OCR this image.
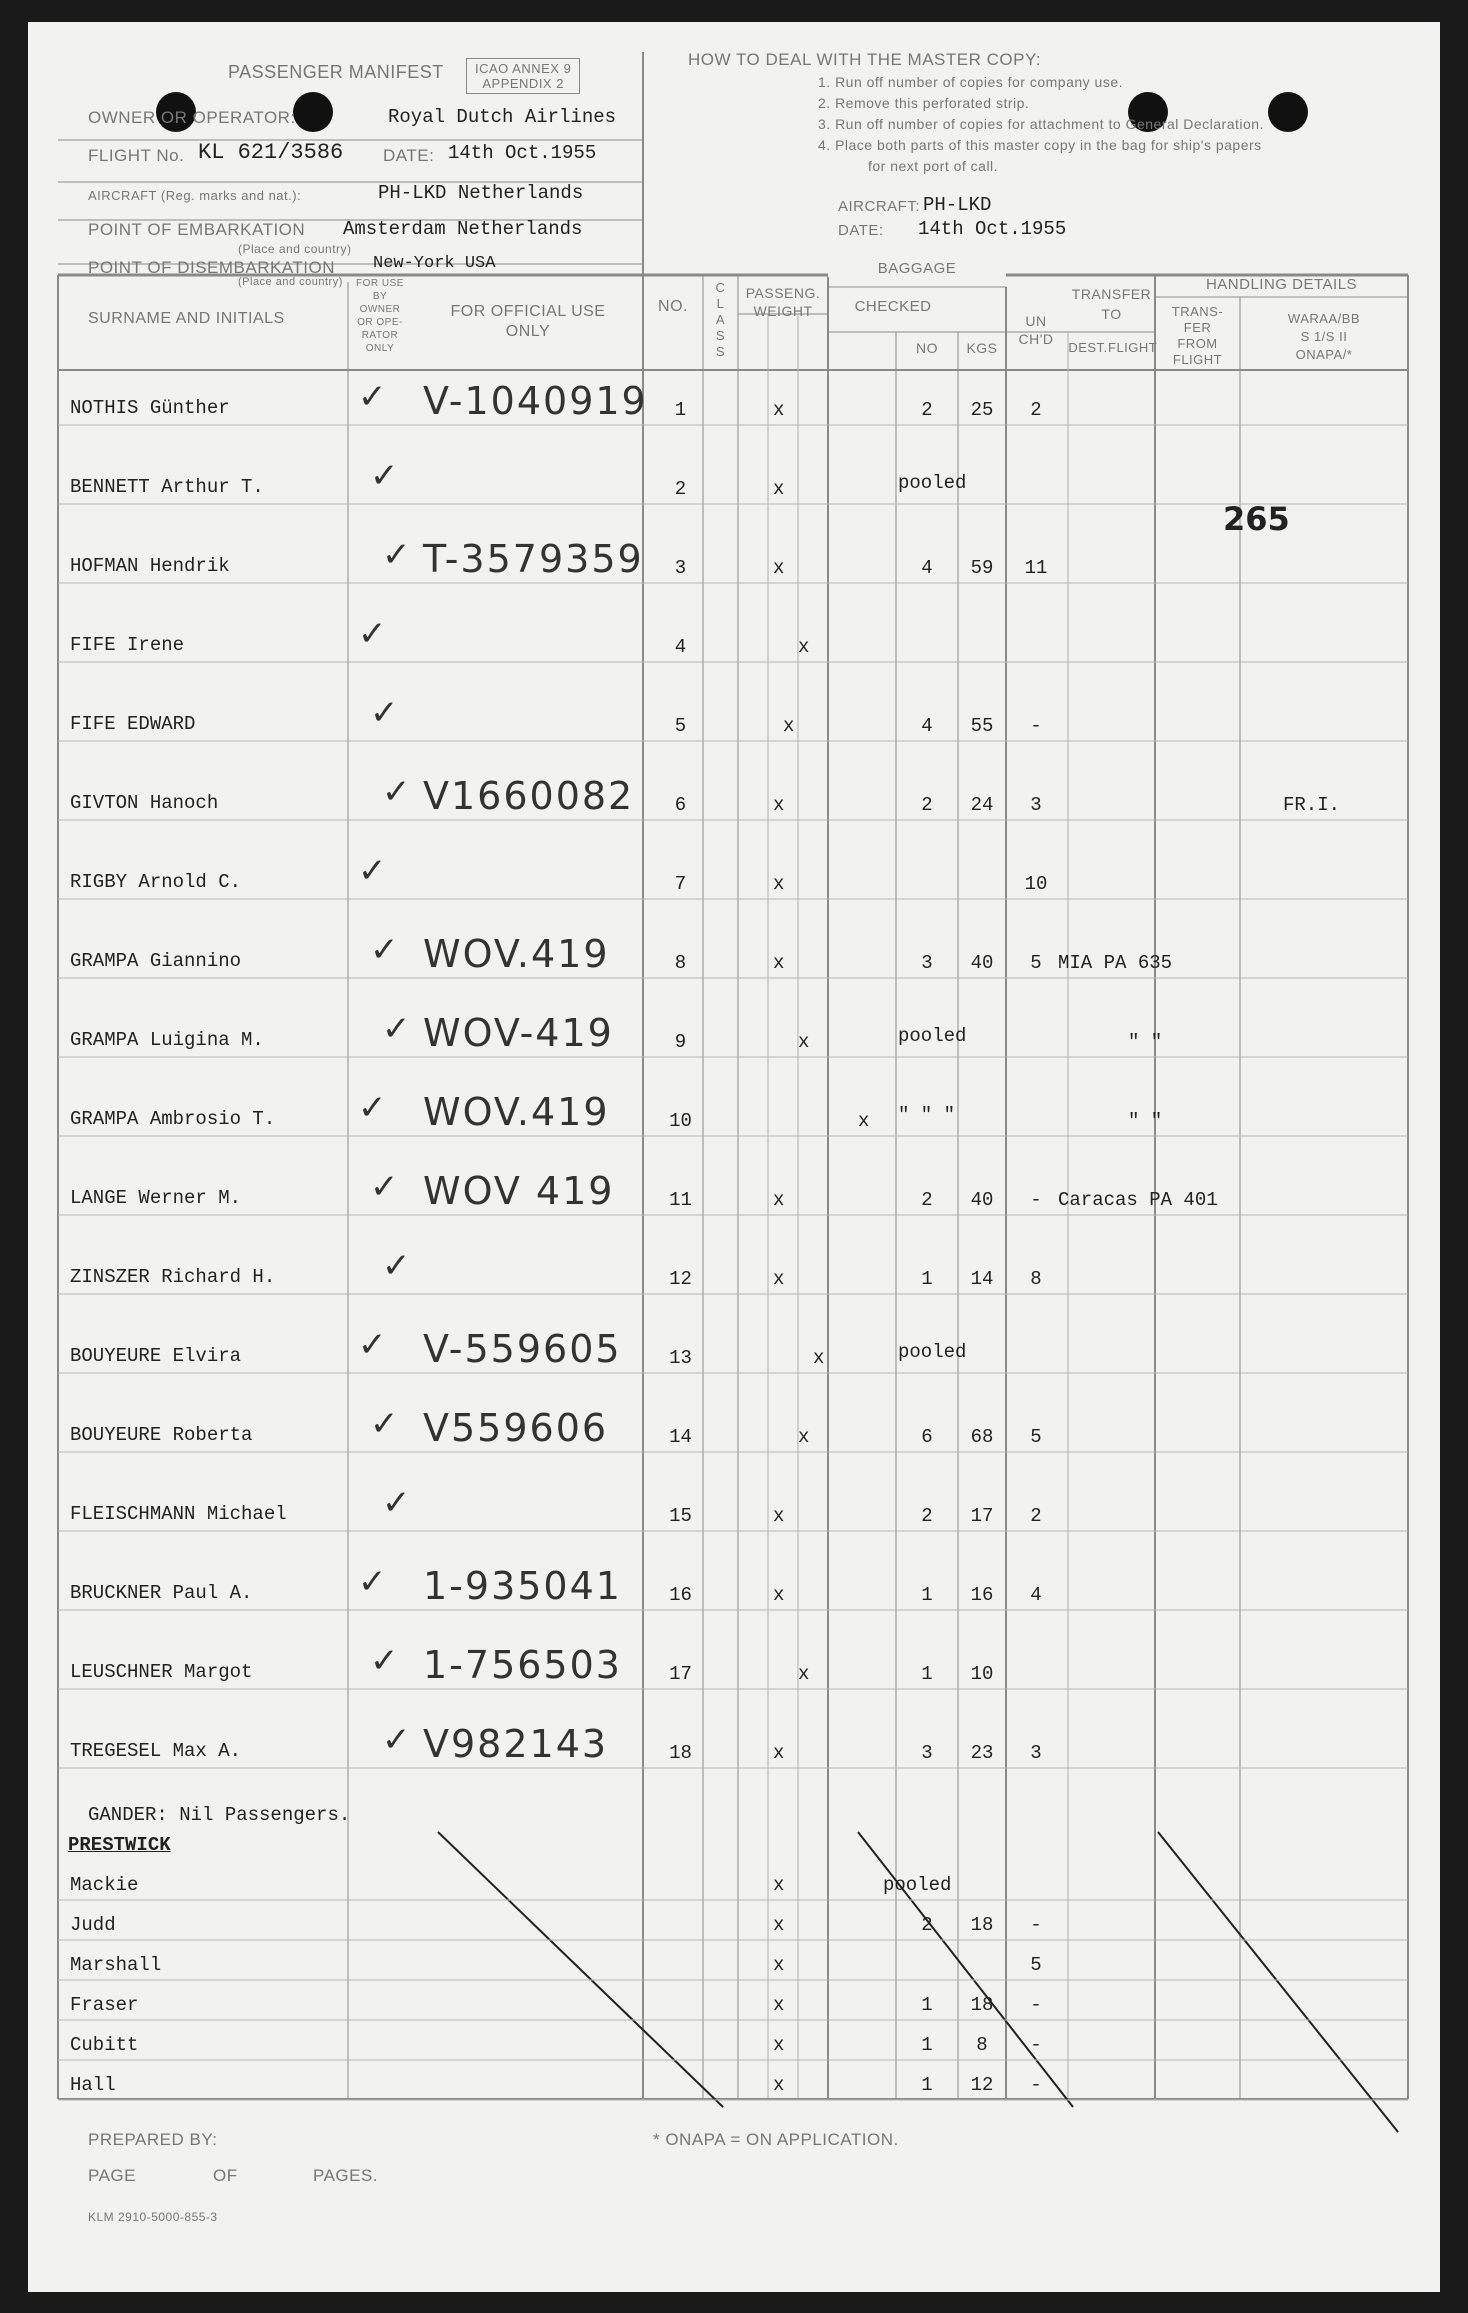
PASSENGER MANIFEST ICAO ANNEX 9
APPENDIX 2
OWNER OR OPERATOR:	Royal Dutch Airlines
FLIGHT No. KL 621/3586 DATE: 14th Oct.1955
AIRCRAFT (Reg. marks and nat.):	PH-LKD Netherlands
POINT OF EMBARKATION Amsterdam Netherlands
(Place and country)
POINT OF DISEMBARKATION New-York USA
(Place and country)
HOW TO DEAL WITH THE MASTER COPY:
1. Run off number of copies for company use.
2. Remove this perforated strip.
3. Run off number of copies for attachment to General Declaration.
4. Place both parts of this master copy in the bag for ship's papers
for next port of call.
AIRCRAFT: PH-LKD
DATE: 14th Oct.1955
SURNAME AND INITIALS
FOR USE
BY
OWNER
OR OPE-
RATOR
ONLY
FOR OFFICIAL USE
ONLY
NO.
C
L
A
S
S
PASSENG.
WEIGHT
BAGGAGE
CHECKED
NO	KGS
UN
CH'D
TRANSFER
TO
DEST. FLIGHT
HANDLING DETAILS
TRANS-
FER
FROM
FLIGHT
WARAA/BB
S 1/S II
ONAPA/*
265
NOTHIS Günther	✓ V-1040919	1	x	2	25	2
BENNETT Arthur T.	✓	2	x	pooled
HOFMAN Hendrik	✓ T-3579359	3	x	4	59	11
FIFE Irene	✓	4	x
FIFE EDWARD	✓	5	x	4	55	-
GIVTON Hanoch	✓ V1660082	6	x	2	24	3	FR.I.
RIGBY Arnold C.	✓	7	x	10
GRAMPA Giannino	✓ WOV.419	8	x	3	40	5 MIA PA 635
GRAMPA Luigina M.	✓ WOV-419	9	x	pooled	" "
GRAMPA Ambrosio T. ✓ WOV.419	10	x " " "	" "
LANGE Werner M.	✓ WOV 419	11	x	2	40	- Caracas PA 401
ZINSZER Richard H.	✓	12	x	1	14	8
BOUYEURE Elvira	✓ V-559605	13	x	pooled
BOUYEURE Roberta	✓ V559606	14	x	6	68	5
FLEISCHMANN Michael	✓	15	x	2	17	2
BRUCKNER Paul A.	✓ 1-935041	16	x	1	16	4
LEUSCHNER Margot	✓ 1-756503	17	x	1	10
TREGESEL Max A.	✓ V982143	18	x	3	23	3
GANDER: Nil Passengers.
PRESTWICK
Mackie	x	pooled
Judd	x	2	18	-
Marshall	x	5
Fraser	x	1	18	-
Cubitt	x	1	8	-
Hall	x	1	12	-
PREPARED BY:
PAGE	OF	PAGES.
KLM 2910-5000-855-3
* ONAPA = ON APPLICATION.
